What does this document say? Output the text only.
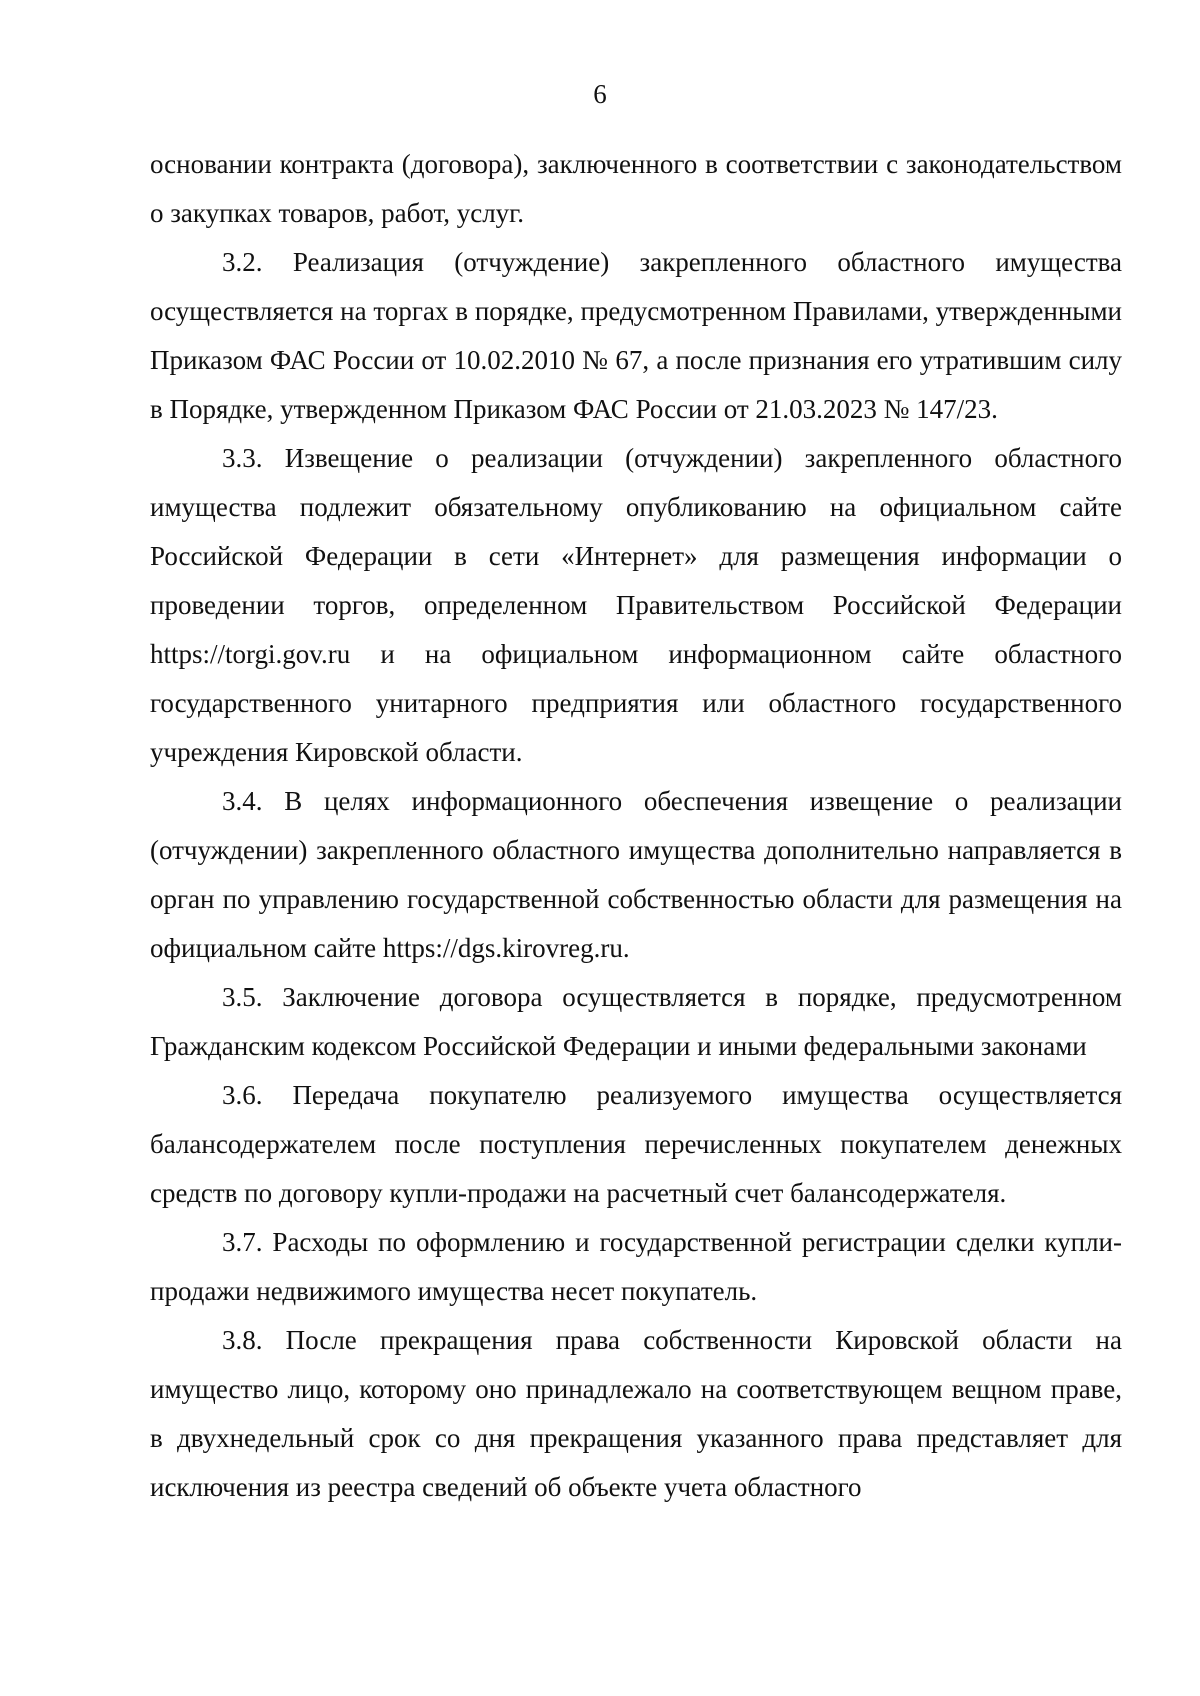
6

основании контракта (договора), заключенного в соответствии с законодательством о закупках товаров, работ, услуг.

3.2. Реализация (отчуждение) закрепленного областного имущества осуществляется на торгах в порядке, предусмотренном Правилами, утвержденными Приказом ФАС России от 10.02.2010 № 67, а после признания его утратившим силу в Порядке, утвержденном Приказом ФАС России от 21.03.2023 № 147/23.

3.3. Извещение о реализации (отчуждении) закрепленного областного имущества подлежит обязательному опубликованию на официальном сайте Российской Федерации в сети «Интернет» для размещения информации о проведении торгов, определенном Правительством Российской Федерации https://torgi.gov.ru и на официальном информационном сайте областного государственного унитарного предприятия или областного государственного учреждения Кировской области.

3.4. В целях информационного обеспечения извещение о реализации (отчуждении) закрепленного областного имущества дополнительно направляется в орган по управлению государственной собственностью области для размещения на официальном сайте https://dgs.kirovreg.ru.

3.5. Заключение договора осуществляется в порядке, предусмотренном Гражданским кодексом Российской Федерации и иными федеральными законами

3.6. Передача покупателю реализуемого имущества осуществляется балансодержателем после поступления перечисленных покупателем денежных средств по договору купли-продажи на расчетный счет балансодержателя.

3.7. Расходы по оформлению и государственной регистрации сделки купли-продажи недвижимого имущества несет покупатель.

3.8. После прекращения права собственности Кировской области на имущество лицо, которому оно принадлежало на соответствующем вещном праве, в двухнедельный срок со дня прекращения указанного права представляет для исключения из реестра сведений об объекте учета областного
